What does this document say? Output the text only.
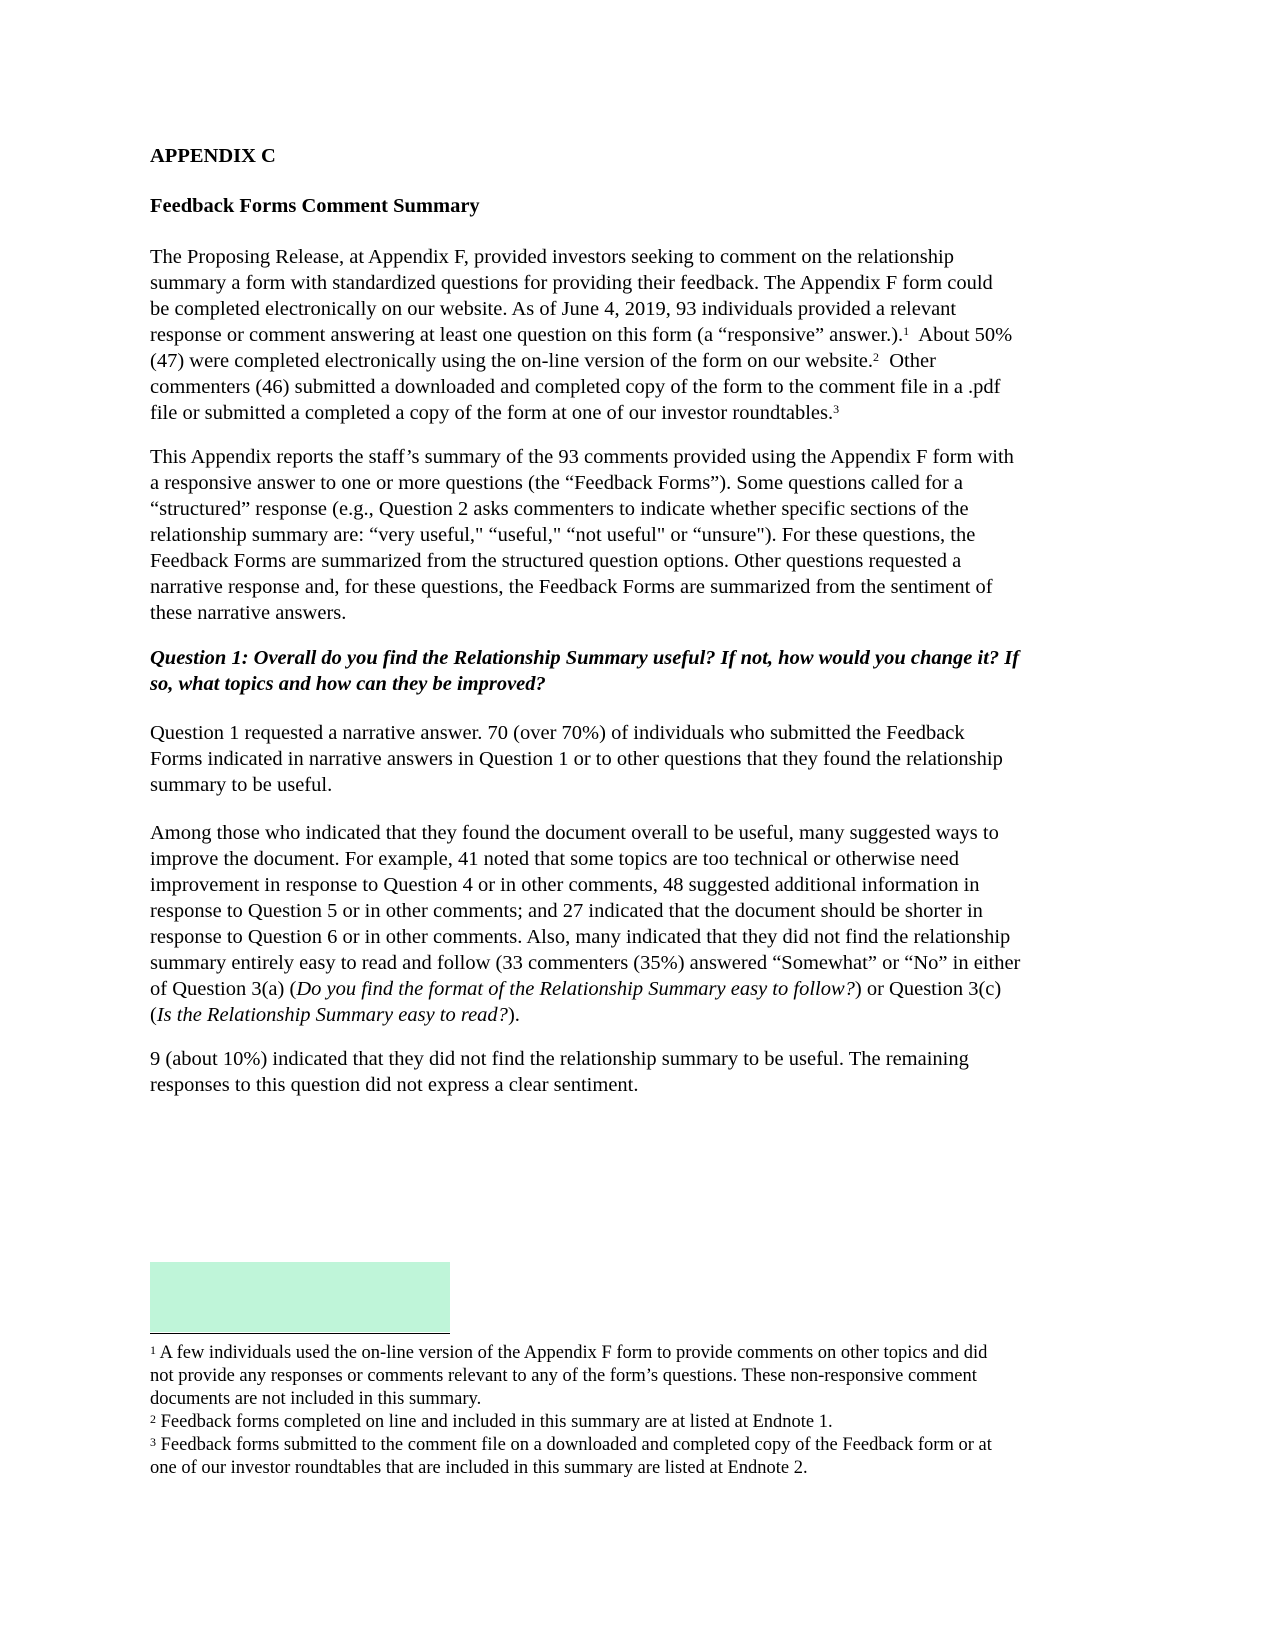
APPENDIX C
Feedback Forms Comment Summary
The Proposing Release, at Appendix F, provided investors seeking to comment on the relationship
summary a form with standardized questions for providing their feedback. The Appendix F form could
be completed electronically on our website. As of June 4, 2019, 93 individuals provided a relevant
response or comment answering at least one question on this form (a “responsive” answer.).$^1$  About 50%
(47) were completed electronically using the on-line version of the form on our website.$^2$  Other
commenters (46) submitted a downloaded and completed copy of the form to the comment file in a .pdf
file or submitted a completed a copy of the form at one of our investor roundtables.$^3$
This Appendix reports the staff’s summary of the 93 comments provided using the Appendix F form with
a responsive answer to one or more questions (the “Feedback Forms”). Some questions called for a
“structured” response (e.g., Question 2 asks commenters to indicate whether specific sections of the
relationship summary are: “very useful," “useful," “not useful" or “unsure"). For these questions, the
Feedback Forms are summarized from the structured question options. Other questions requested a
narrative response and, for these questions, the Feedback Forms are summarized from the sentiment of
these narrative answers.
Question 1: Overall do you find the Relationship Summary useful? If not, how would you change it? If
so, what topics and how can they be improved?
Question 1 requested a narrative answer. 70 (over 70%) of individuals who submitted the Feedback
Forms indicated in narrative answers in Question 1 or to other questions that they found the relationship
summary to be useful.
Among those who indicated that they found the document overall to be useful, many suggested ways to
improve the document. For example, 41 noted that some topics are too technical or otherwise need
improvement in response to Question 4 or in other comments, 48 suggested additional information in
response to Question 5 or in other comments; and 27 indicated that the document should be shorter in
response to Question 6 or in other comments. Also, many indicated that they did not find the relationship
summary entirely easy to read and follow (33 commenters (35%) answered “Somewhat” or “No” in either
of Question 3(a) (Do you find the format of the Relationship Summary easy to follow?) or Question 3(c)
(Is the Relationship Summary easy to read?).
9 (about 10%) indicated that they did not find the relationship summary to be useful. The remaining
responses to this question did not express a clear sentiment.
$^1$ A few individuals used the on-line version of the Appendix F form to provide comments on other topics and did
not provide any responses or comments relevant to any of the form’s questions. These non-responsive comment
documents are not included in this summary.
$^2$ Feedback forms completed on line and included in this summary are at listed at Endnote 1.
$^3$ Feedback forms submitted to the comment file on a downloaded and completed copy of the Feedback form or at
one of our investor roundtables that are included in this summary are listed at Endnote 2.
